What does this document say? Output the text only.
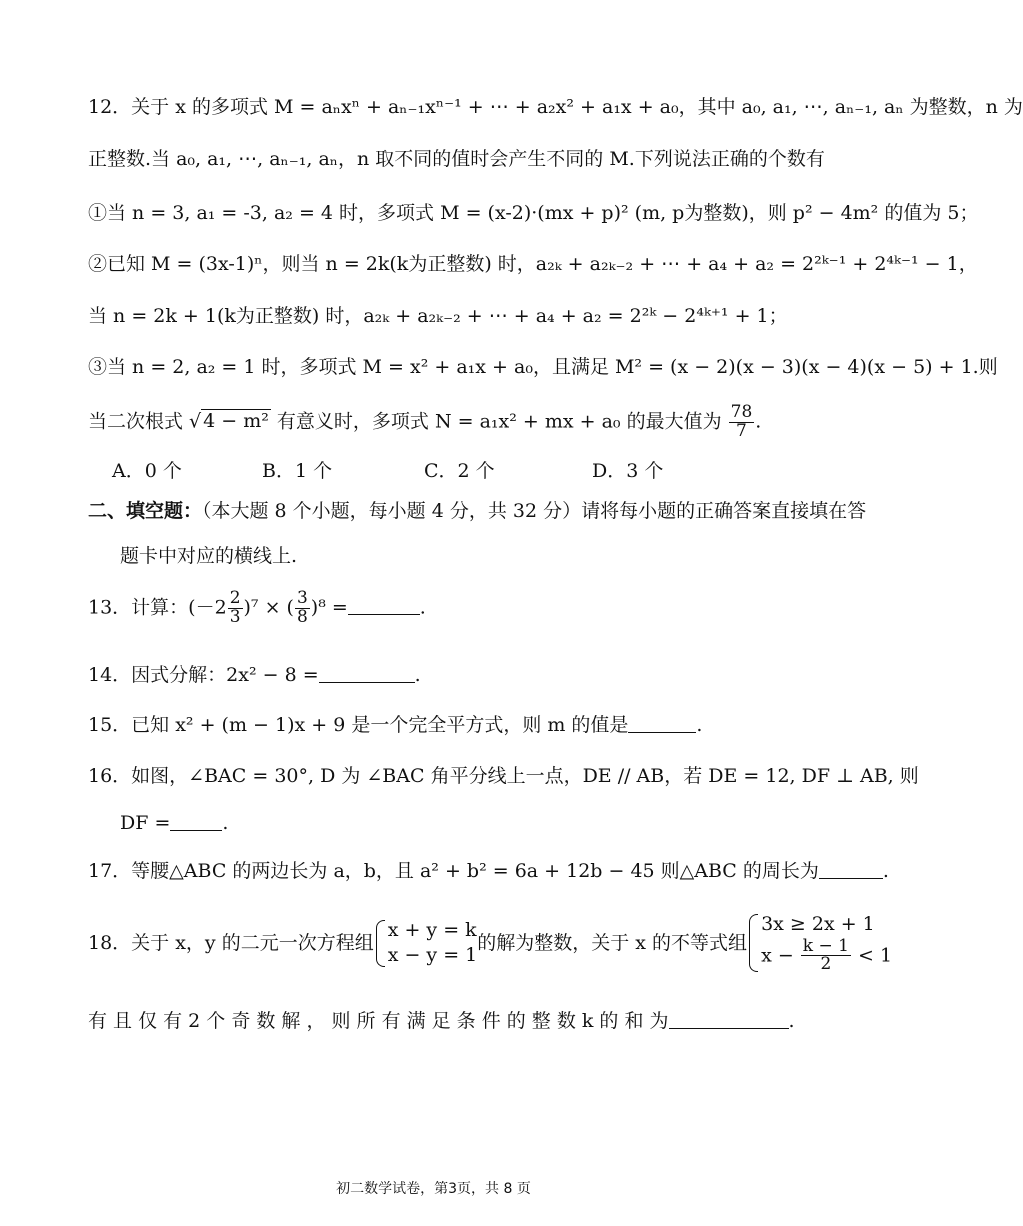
12．关于 x 的多项式 M = aₙxⁿ + aₙ₋₁xⁿ⁻¹ + ⋯ + a₂x² + a₁x + a₀，其中 a₀, a₁, ⋯, aₙ₋₁, aₙ 为整数，n 为
正整数.当 a₀, a₁, ⋯, aₙ₋₁, aₙ，n 取不同的值时会产生不同的 M.下列说法正确的个数有
①当 n = 3, a₁ = -3, a₂ = 4 时，多项式 M = (x-2)·(mx + p)² (m, p为整数)，则 p² − 4m² 的值为 5；
②已知 M = (3x-1)ⁿ，则当 n = 2k(k为正整数) 时，a₂ₖ + a₂ₖ₋₂ + ⋯ + a₄ + a₂ = 2²ᵏ⁻¹ + 2⁴ᵏ⁻¹ − 1，
当 n = 2k + 1(k为正整数) 时，a₂ₖ + a₂ₖ₋₂ + ⋯ + a₄ + a₂ = 2²ᵏ − 2⁴ᵏ⁺¹ + 1；
③当 n = 2, a₂ = 1 时，多项式 M = x² + a₁x + a₀，且满足 M² = (x − 2)(x − 3)(x − 4)(x − 5) + 1.则
当二次根式 √ 4 − m² 有意义时，多项式 N = a₁x² + mx + a₀ 的最大值为 $\frac{78}{7}$ .
A．0 个	B．1 个	C．2 个	D．3 个
二、填空题：（本大题 8 个小题，每小题 4 分，共 32 分）请将每小题的正确答案直接填在答
题卡中对应的横线上.
13．计算：$(-2 \frac{2}{3} )^7$ × ( $\frac{3}{8} )^8$ =	.
14．因式分解：2x² − 8 =	.
15．已知 x² + (m − 1)x + 9 是一个完全平方式，则 m 的值是	.
16．如图，∠BAC = 30°, D 为 ∠BAC 角平分线上一点，DE // AB，若 DE = 12, DF ⊥ AB, 则
DF =	.
17．等腰△ABC 的两边长为 a，b，且 a² + b² = 6a + 12b − 45 则△ABC 的周长为	.
18．关于 x，y 的二元一次方程组
x + y = k
x − y = 1
的解为整数，关于 x 的不等式组
3x ≥ 2x + 1
$x - \frac{k - 1}{2} < 1$
有 且 仅 有 2 个 奇 数 解 ， 则 所 有 满 足 条 件 的 整 数 k 的 和 为	.
初二数学试卷，第3页，共 8 页
